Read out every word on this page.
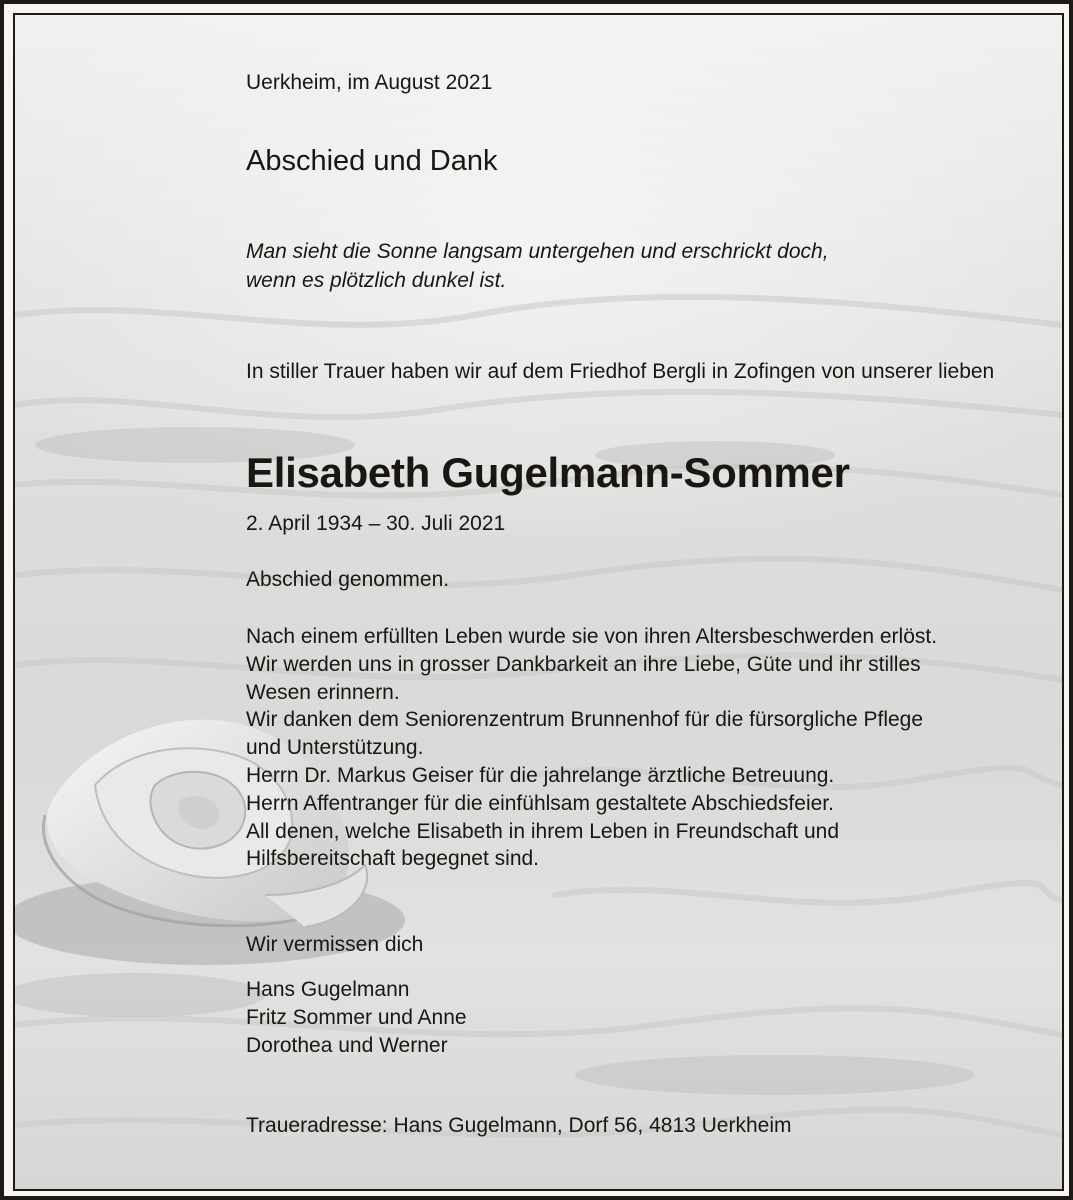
Uerkheim, im August 2021

Abschied und Dank
Man sieht die Sonne langsam untergehen und erschrickt doch,
wenn es plötzlich dunkel ist.

In stiller Trauer haben wir auf dem Friedhof Bergli in Zofingen von unserer lieben

Elisabeth Gugelmann-Sommer

2. April 1934 – 30. Juli 2021

Abschied genommen.

Nach einem erfüllten Leben wurde sie von ihren Altersbeschwerden erlöst.
Wir werden uns in grosser Dankbarkeit an ihre Liebe, Güte und ihr stilles
Wesen erinnern.
Wir danken dem Seniorenzentrum Brunnenhof für die fürsorgliche Pflege
und Unterstützung.
Herrn Dr. Markus Geiser für die jahrelange ärztliche Betreuung.
Herrn Affentranger für die einfühlsam gestaltete Abschiedsfeier.
All denen, welche Elisabeth in ihrem Leben in Freundschaft und
Hilfsbereitschaft begegnet sind.

Wir vermissen dich

Hans Gugelmann
Fritz Sommer und Anne
Dorothea und Werner

Traueradresse: Hans Gugelmann, Dorf 56, 4813 Uerkheim
